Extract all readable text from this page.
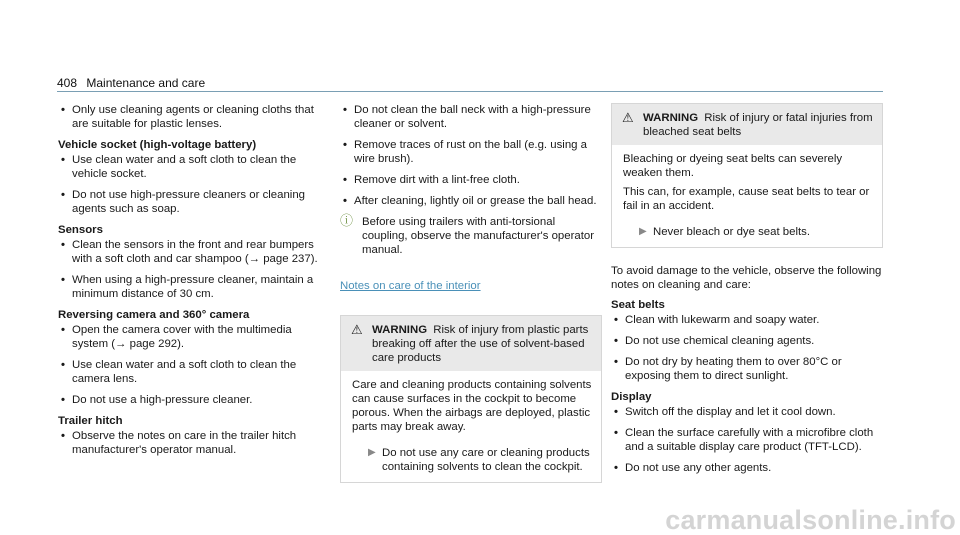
408 Maintenance and care
• Only use cleaning agents or cleaning cloths that are suitable for plastic lenses.
Vehicle socket (high-voltage battery)
• Use clean water and a soft cloth to clean the vehicle socket.
• Do not use high-pressure cleaners or cleaning agents such as soap.
Sensors
• Clean the sensors in the front and rear bumpers with a soft cloth and car shampoo (→ page 237).
• When using a high-pressure cleaner, maintain a minimum distance of 30 cm.
Reversing camera and 360° camera
• Open the camera cover with the multimedia system (→ page 292).
• Use clean water and a soft cloth to clean the camera lens.
• Do not use a high-pressure cleaner.
Trailer hitch
• Observe the notes on care in the trailer hitch manufacturer's operator manual.
• Do not clean the ball neck with a high-pressure cleaner or solvent.
• Remove traces of rust on the ball (e.g. using a wire brush).
• Remove dirt with a lint-free cloth.
• After cleaning, lightly oil or grease the ball head.
ⓘ Before using trailers with anti-torsional coupling, observe the manufacturer's operator manual.
Notes on care of the interior
⚠ WARNING Risk of injury from plastic parts breaking off after the use of solvent-based care products

Care and cleaning products containing solvents can cause surfaces in the cockpit to become porous. When the airbags are deployed, plastic parts may break away.

▶ Do not use any care or cleaning products containing solvents to clean the cockpit.
⚠ WARNING Risk of injury or fatal injuries from bleached seat belts

Bleaching or dyeing seat belts can severely weaken them.

This can, for example, cause seat belts to tear or fail in an accident.

▶ Never bleach or dye seat belts.
To avoid damage to the vehicle, observe the following notes on cleaning and care:
Seat belts
• Clean with lukewarm and soapy water.
• Do not use chemical cleaning agents.
• Do not dry by heating them to over 80°C or exposing them to direct sunlight.
Display
• Switch off the display and let it cool down.
• Clean the surface carefully with a microfibre cloth and a suitable display care product (TFT-LCD).
• Do not use any other agents.
carmanualsonline.info
